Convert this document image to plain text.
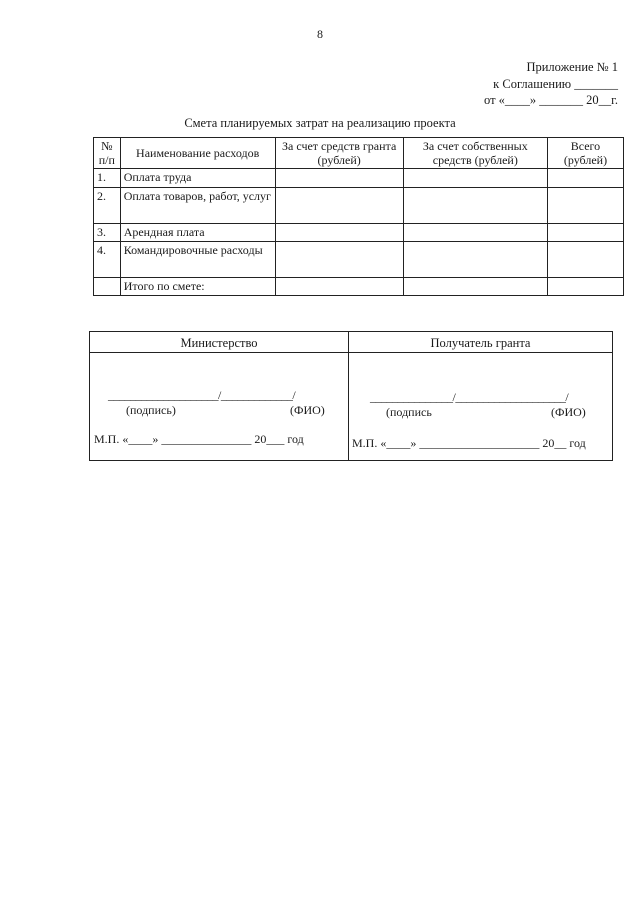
8
Приложение № 1
к Соглашению _______
от «____» _______ 20__г.
Смета планируемых затрат на реализацию проекта
№ п/п	Наименование расходов	За счет средств гранта (рублей)	За счет собственных средств (рублей)	Всего (рублей)
1.	Оплата труда			
2.	Оплата товаров, работ, услуг			
3.	Арендная плата			
4.	Командировочные расходы			
	Итого по смете:			
Министерство	Получатель гранта
____________________/_____________/
(подпись)	(ФИО)
М.П. «____» _______________ 20___ год
_______________/____________________/
(подпись	(ФИО)
М.П. «____» ____________________ 20__ год
